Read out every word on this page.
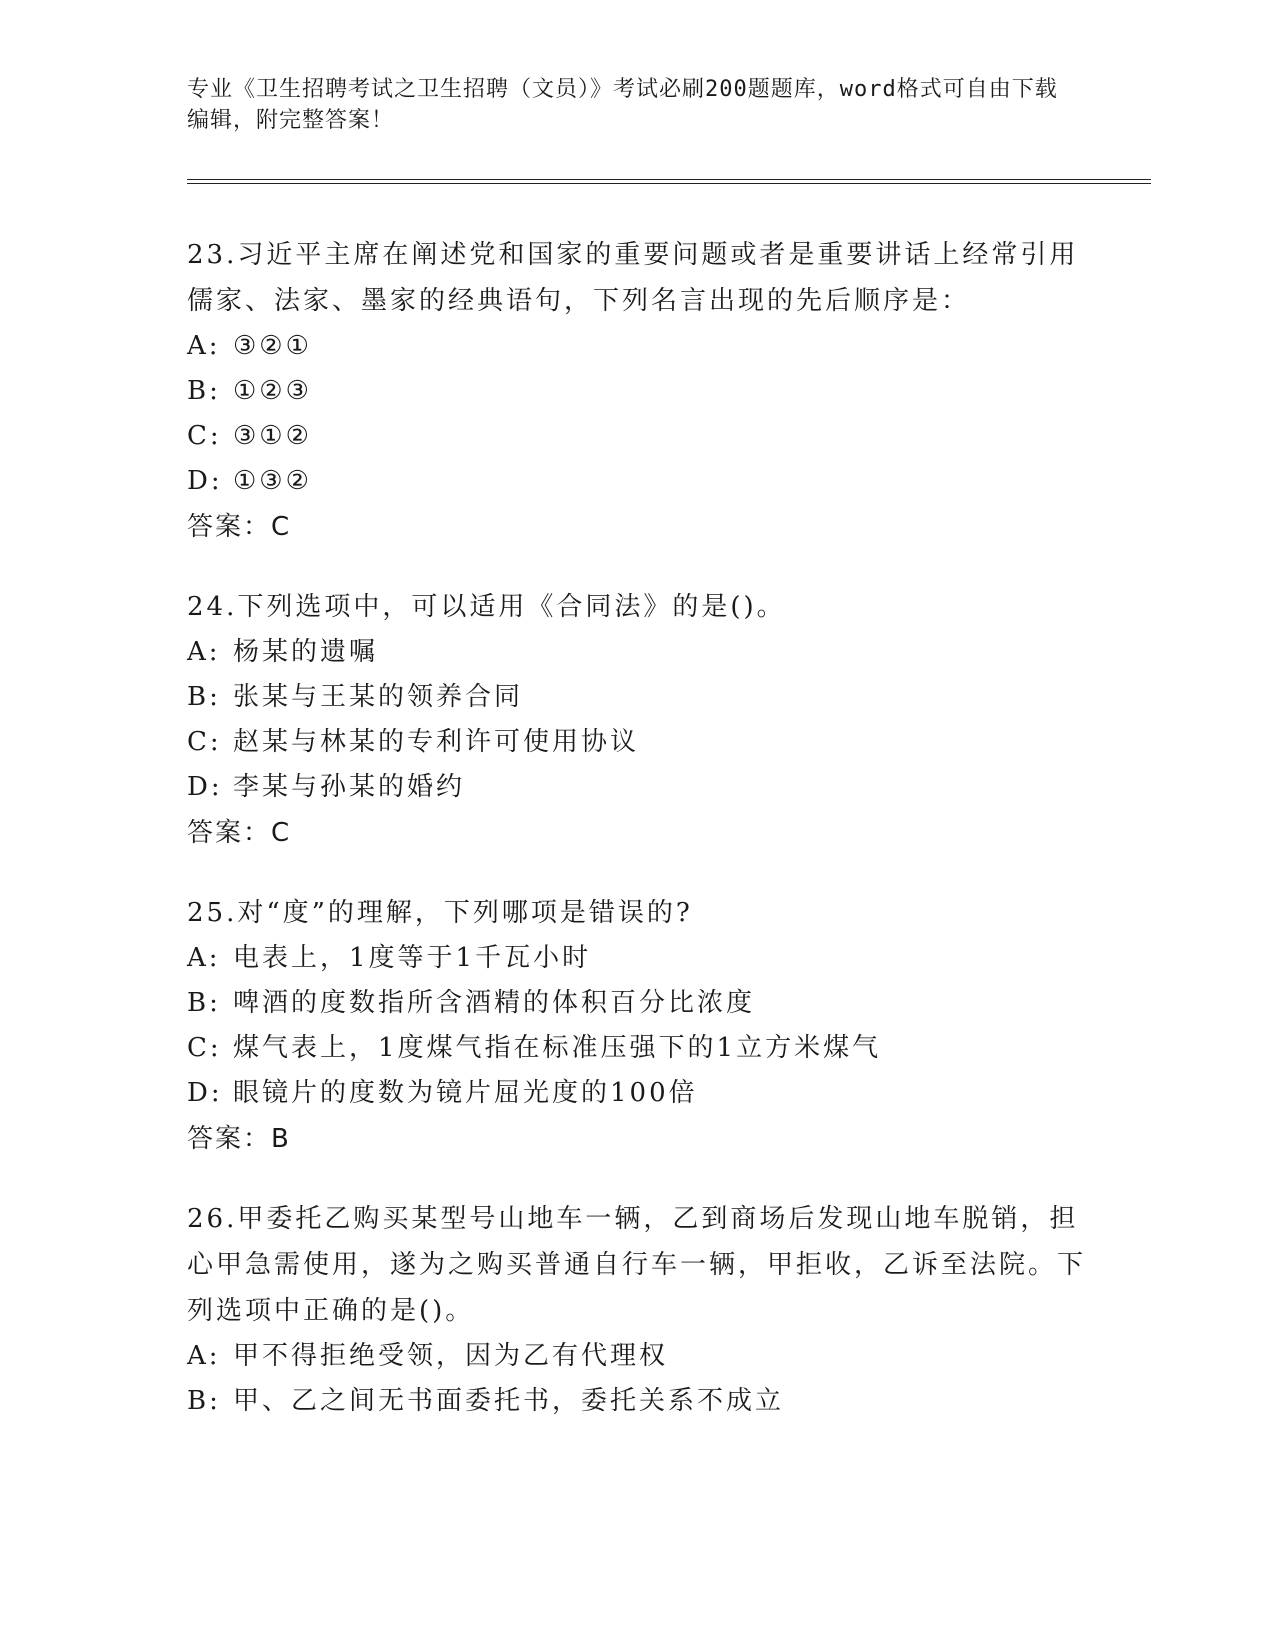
专业《卫生招聘考试之卫生招聘（文员）》考试必刷200题题库，word格式可自由下载编辑，附完整答案！

23.习近平主席在阐述党和国家的重要问题或者是重要讲话上经常引用儒家、法家、墨家的经典语句，下列名言出现的先后顺序是：

A: ③②①

B: ①②③

C: ③①②

D: ①③②

答案：C

24.下列选项中，可以适用《合同法》的是()。

A: 杨某的遗嘱

B: 张某与王某的领养合同

C: 赵某与林某的专利许可使用协议

D: 李某与孙某的婚约

答案：C

25.对“度”的理解，下列哪项是错误的?

A: 电表上，1度等于1千瓦小时

B: 啤酒的度数指所含酒精的体积百分比浓度

C: 煤气表上，1度煤气指在标准压强下的1立方米煤气

D: 眼镜片的度数为镜片屈光度的100倍

答案：B

26.甲委托乙购买某型号山地车一辆，乙到商场后发现山地车脱销，担心甲急需使用，遂为之购买普通自行车一辆，甲拒收，乙诉至法院。下列选项中正确的是()。

A: 甲不得拒绝受领，因为乙有代理权

B: 甲、乙之间无书面委托书，委托关系不成立
